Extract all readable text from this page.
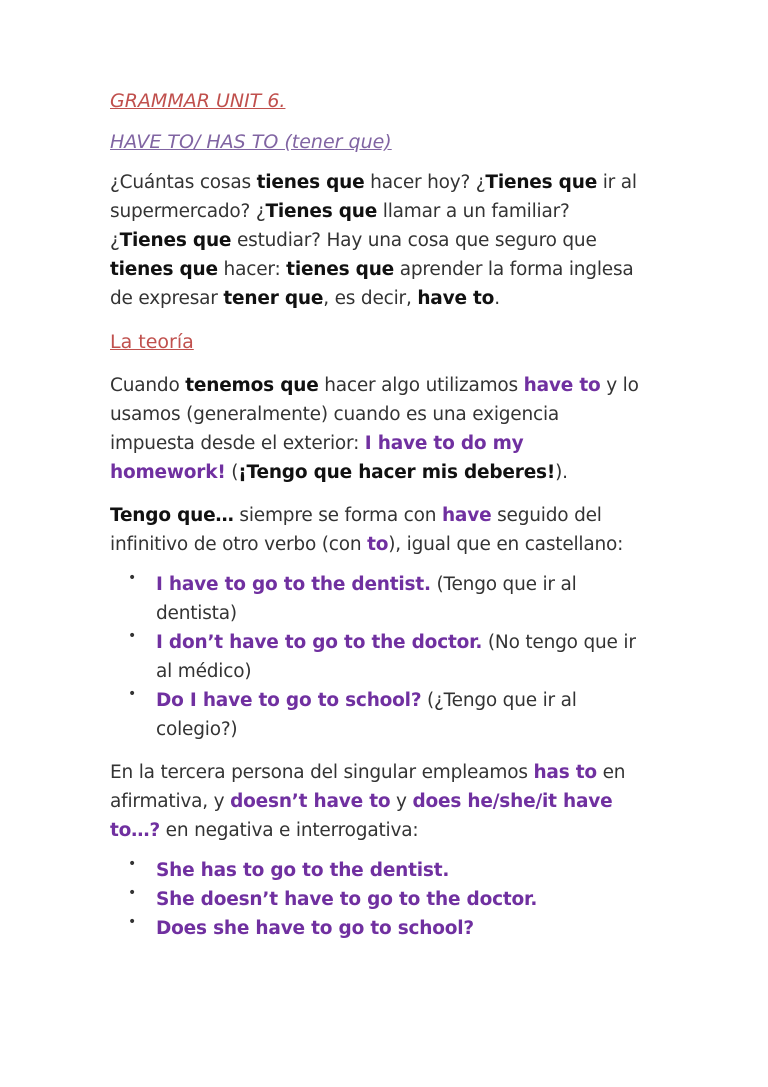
GRAMMAR UNIT 6.
HAVE TO/ HAS TO (tener que)
¿Cuántas cosas tienes que hacer hoy? ¿Tienes que ir al
supermercado? ¿Tienes que llamar a un familiar?
¿Tienes que estudiar? Hay una cosa que seguro que
tienes que hacer: tienes que aprender la forma inglesa
de expresar tener que, es decir, have to.
La teoría
Cuando tenemos que hacer algo utilizamos have to y lo
usamos (generalmente) cuando es una exigencia
impuesta desde el exterior: I have to do my
homework! (¡Tengo que hacer mis deberes!).
Tengo que… siempre se forma con have seguido del
infinitivo de otro verbo (con to), igual que en castellano:
• I have to go to the dentist. (Tengo que ir al
dentista)
• I don’t have to go to the doctor. (No tengo que ir
al médico)
• Do I have to go to school? (¿Tengo que ir al
colegio?)
En la tercera persona del singular empleamos has to en
afirmativa, y doesn’t have to y does he/she/it have
to…? en negativa e interrogativa:
• She has to go to the dentist.
• She doesn’t have to go to the doctor.
• Does she have to go to school?
